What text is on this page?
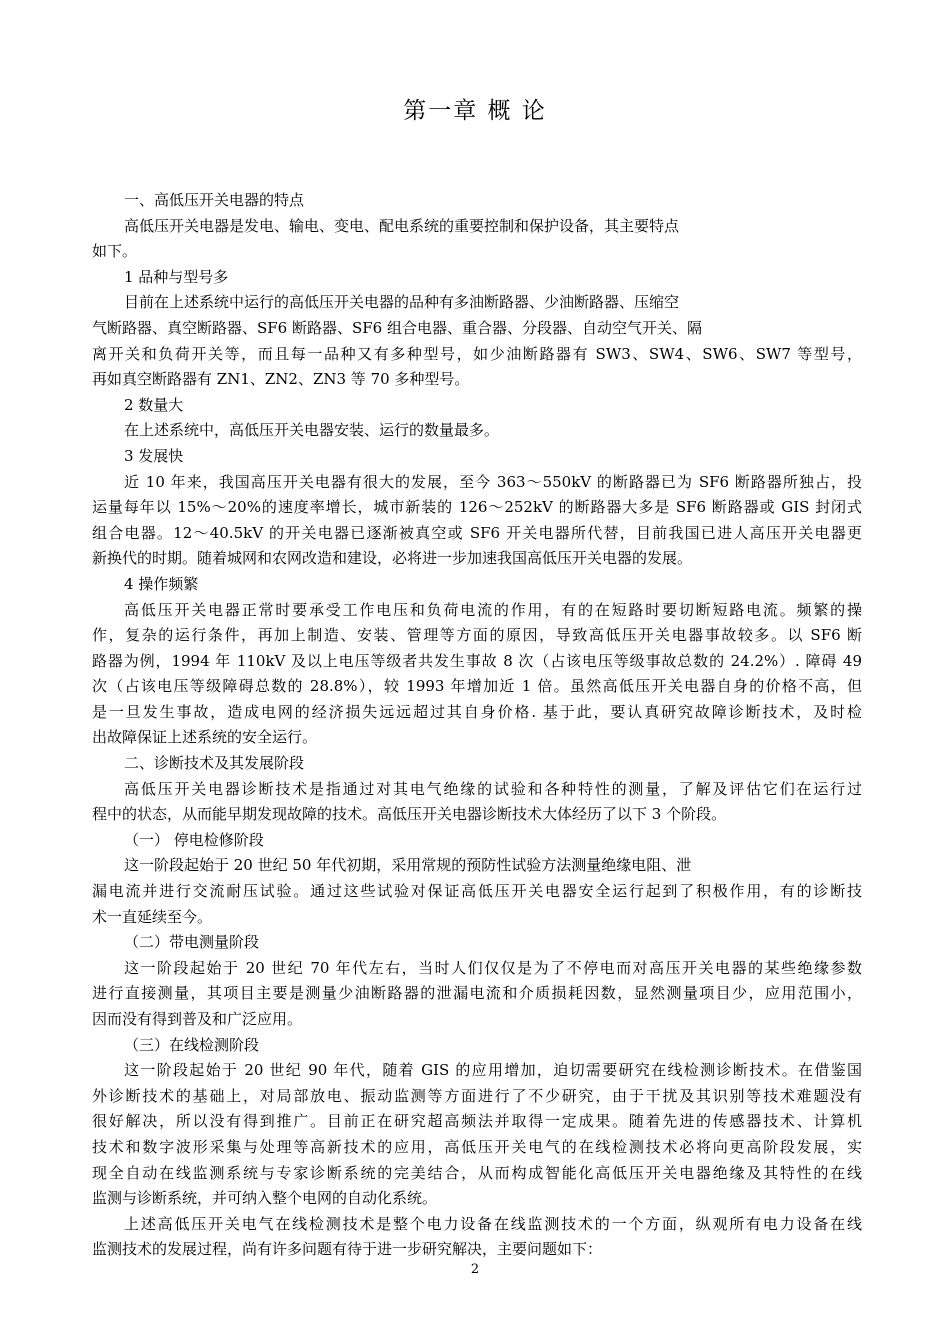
第一章 概 论
一、高低压开关电器的特点
高低压开关电器是发电、输电、变电、配电系统的重要控制和保护设备，其主要特点
如下。
1 品种与型号多
目前在上述系统中运行的高低压开关电器的品种有多油断路器、少油断路器、压缩空
气断路器、真空断路器、SF6 断路器、SF6 组合电器、重合器、分段器、自动空气开关、隔
离开关和负荷开关等，而且每一品种又有多种型号，如少油断路器有 SW3、SW4、SW6、SW7 等型号，
再如真空断路器有 ZN1、ZN2、ZN3 等 70 多种型号。
2 数量大
在上述系统中，高低压开关电器安装、运行的数量最多。
3 发展快
近 10 年来，我国高压开关电器有很大的发展，至今 363～550kV 的断路器已为 SF6 断路器所独占，投
运量每年以 15%～20%的速度率增长，城市新装的 126～252kV 的断路器大多是 SF6 断路器或 GIS 封闭式
组合电器。12～40.5kV 的开关电器已逐渐被真空或 SF6 开关电器所代替，目前我国已进人高压开关电器更
新换代的时期。随着城网和农网改造和建设，必将进一步加速我国高低压开关电器的发展。
4 操作频繁
高低压开关电器正常时要承受工作电压和负荷电流的作用，有的在短路时要切断短路电流。频繁的操
作，复杂的运行条件，再加上制造、安装、管理等方面的原因，导致高低压开关电器事故较多。以 SF6 断
路器为例，1994 年 110kV 及以上电压等级者共发生事故 8 次（占该电压等级事故总数的 24.2%）. 障碍 49
次（占该电压等级障碍总数的 28.8%），较 1993 年增加近 1 倍。虽然高低压开关电器自身的价格不高，但
是一旦发生事故，造成电网的经济损失远远超过其自身价格. 基于此，要认真研究故障诊断技术，及时检
出故障保证上述系统的安全运行。
二、诊断技术及其发展阶段
高低压开关电器诊断技术是指通过对其电气绝缘的试验和各种特性的测量，了解及评估它们在运行过
程中的状态，从而能早期发现故障的技术。高低压开关电器诊断技术大体经历了以下 3 个阶段。
（一） 停电检修阶段
这一阶段起始于 20 世纪 50 年代初期，采用常规的预防性试验方法测量绝缘电阻、泄
漏电流并进行交流耐压试验。通过这些试验对保证高低压开关电器安全运行起到了积极作用，有的诊断技
术一直延续至今。
（二）带电测量阶段
这一阶段起始于 20 世纪 70 年代左右，当时人们仅仅是为了不停电而对高压开关电器的某些绝缘参数
进行直接测量，其项目主要是测量少油断路器的泄漏电流和介质损耗因数，显然测量项目少，应用范围小，
因而没有得到普及和广泛应用。
（三）在线检测阶段
这一阶段起始于 20 世纪 90 年代，随着 GIS 的应用增加，迫切需要研究在线检测诊断技术。在借鉴国
外诊断技术的基础上，对局部放电、振动监测等方面进行了不少研究，由于干扰及其识别等技术难题没有
很好解决，所以没有得到推广。目前正在研究超高频法并取得一定成果。随着先进的传感器技术、计算机
技术和数字波形采集与处理等高新技术的应用，高低压开关电气的在线检测技术必将向更高阶段发展，实
现全自动在线监测系统与专家诊断系统的完美结合，从而构成智能化高低压开关电器绝缘及其特性的在线
监测与诊断系统，并可纳入整个电网的自动化系统。
上述高低压开关电气在线检测技术是整个电力设备在线监测技术的一个方面，纵观所有电力设备在线
监测技术的发展过程，尚有许多问题有待于进一步研究解决，主要问题如下：
2
